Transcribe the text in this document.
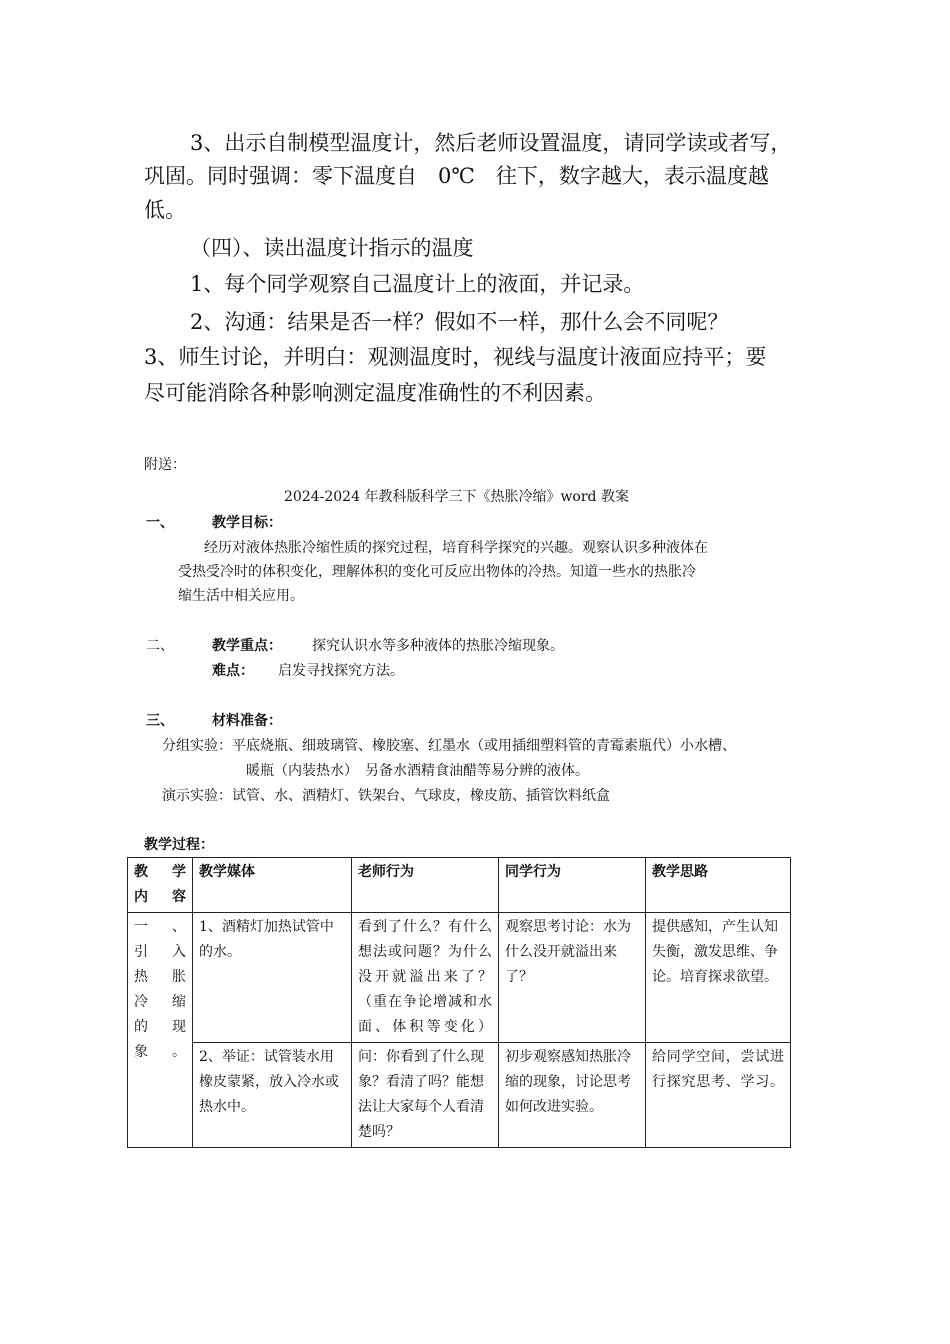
3、出示自制模型温度计，然后老师设置温度，请同学读或者写，
巩固。同时强调：零下温度自　0℃　往下，数字越大，表示温度越
低。
（四）、读出温度计指示的温度
1、每个同学观察自己温度计上的液面，并记录。
2、沟通：结果是否一样？假如不一样，那什么会不同呢？
3、师生讨论，并明白：观测温度时，视线与温度计液面应持平；要
尽可能消除各种影响测定温度准确性的不利因素。
附送：
2024-2024 年教科版科学三下《热胀冷缩》word 教案
一、	教学目标：
经历对液体热胀冷缩性质的探究过程，培育科学探究的兴趣。观察认识多种液体在
受热受冷时的体积变化，理解体积的变化可反应出物体的冷热。知道一些水的热胀冷
缩生活中相关应用。
二、	教学重点： 探究认识水等多种液体的热胀冷缩现象。
难点： 启发寻找探究方法。
三、	材料准备：
分组实验：平底烧瓶、细玻璃管、橡胶塞、红墨水（或用插细塑料管的青霉素瓶代）小水槽、
暖瓶（内装热水）　另备水酒精食油醋等易分辨的液体。
演示实验：试管、水、酒精灯、铁架台、气球皮，橡皮筋、插管饮料纸盒
教学过程：
教　学内容	教学媒体	老师行为	同学行为	教学思路
一　、引　入热　胀冷　缩的　现象。	1、酒精灯加热试管中的水。	看到了什么？有什么想法或问题？为什么没开就溢出来了？（重在争论增减和水面、体积等变化）	观察思考讨论：水为什么没开就溢出来了？	提供感知，产生认知失衡，激发思维、争论。培育探求欲望。
	2、举证：试管装水用橡皮蒙紧，放入冷水或热水中。	问：你看到了什么现象？看清了吗？能想法让大家每个人看清楚吗？	初步观察感知热胀冷缩的现象，讨论思考如何改进实验。	给同学空间，尝试进行探究思考、学习。
